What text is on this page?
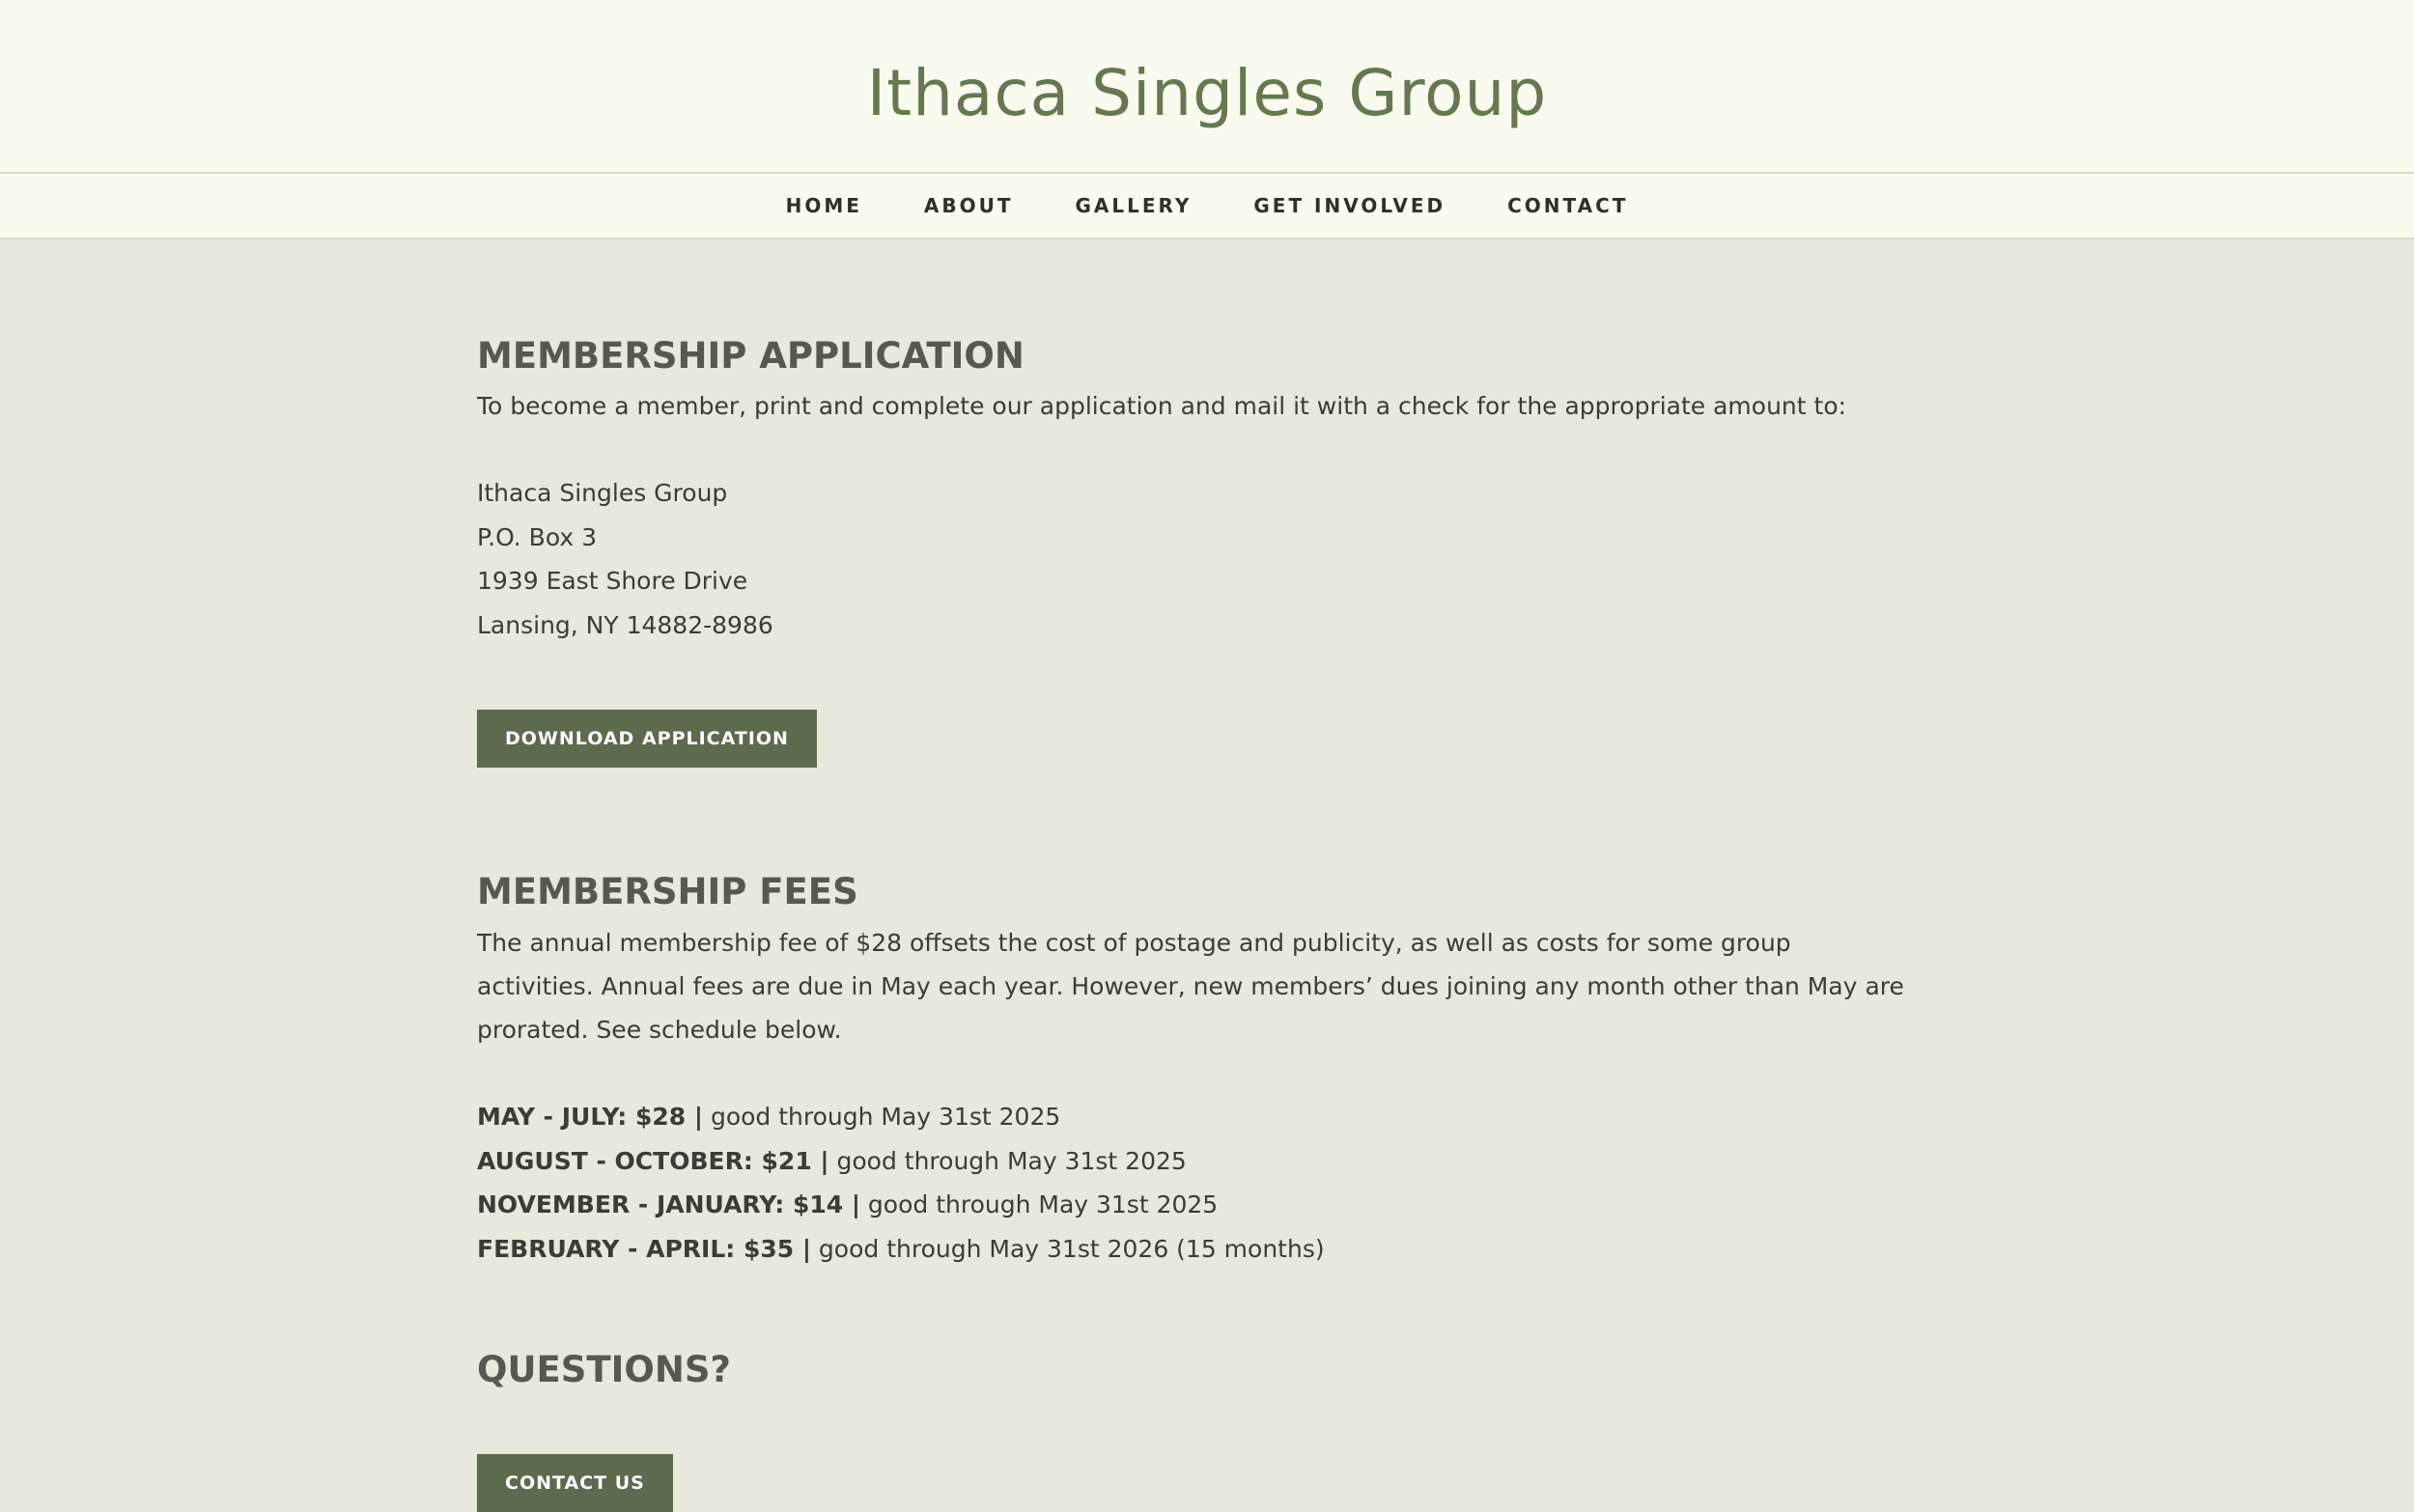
Ithaca Singles Group
HOME	ABOUT	GALLERY	GET INVOLVED	CONTACT
MEMBERSHIP APPLICATION

To become a member, print and complete our application and mail it with a check for the appropriate amount to:

Ithaca Singles Group

P.O. Box 3

1939 East Shore Drive

Lansing, NY 14882-8986

DOWNLOAD APPLICATION
MEMBERSHIP FEES

The annual membership fee of $28 offsets the cost of postage and publicity, as well as costs for some group activities. Annual fees are due in May each year. However, new members’ dues joining any month other than May are prorated. See schedule below.

MAY - JULY: $28 | good through May 31st 2025

AUGUST - OCTOBER: $21 | good through May 31st 2025

NOVEMBER - JANUARY: $14 | good through May 31st 2025

FEBRUARY - APRIL: $35 | good through May 31st 2026 (15 months)

QUESTIONS?
CONTACT US
